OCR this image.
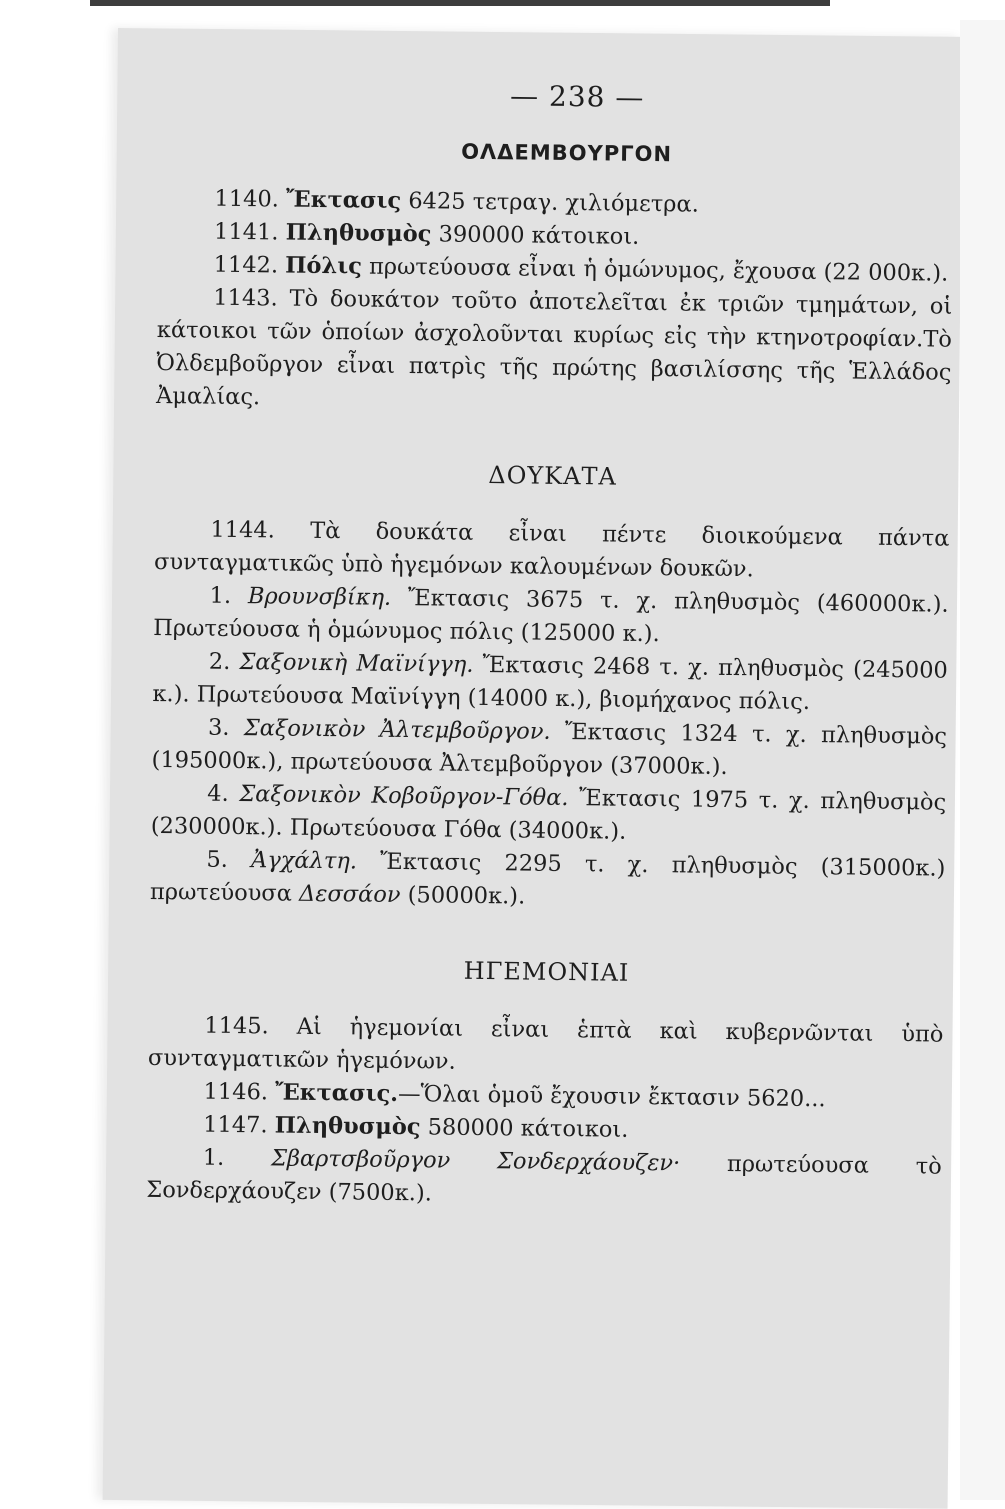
— 238 —
ΟΛΔΕΜΒΟΥΡΓΟΝ

1140. Ἔκτασις 6425 τετραγ. χιλιόμετρα.

1141. Πληθυσμὸς 390000 κάτοικοι.

1142. Πόλις πρωτεύουσα εἶναι ἡ ὁμώνυμος, ἔχουσα (22 000κ.).

1143. Τὸ δουκάτον τοῦτο ἀποτελεῖται ἐκ τριῶν τμημάτων, οἱ κάτοικοι τῶν ὁποίων ἀσχολοῦνται κυρίως εἰς τὴν κτηνοτροφίαν.Τὸ Ὀλδεμβοῦργον εἶναι πατρὶς τῆς πρώτης βασιλίσσης τῆς Ἑλλάδος Ἀμαλίας.

ΔΟΥΚΑΤΑ

1144. Τὰ δουκάτα εἶναι πέντε διοικούμενα πάντα συνταγματικῶς ὑπὸ ἡγεμόνων καλουμένων δουκῶν.

1. Βρουνσβίκη. Ἔκτασις 3675 τ. χ. πληθυσμὸς (460000κ.). Πρωτεύουσα ἡ ὁμώνυμος πόλις (125000 κ.).

2. Σαξονικὴ Μαϊνίγγη. Ἔκτασις 2468 τ. χ. πληθυσμὸς (245000 κ.). Πρωτεύουσα Μαϊνίγγη (14000 κ.), βιομήχανος πόλις.

3. Σαξονικὸν Ἀλτεμβοῦργον. Ἔκτασις 1324 τ. χ. πληθυσμὸς (195000κ.), πρωτεύουσα Ἀλτεμβοῦργον (37000κ.).

4. Σαξονικὸν Κοβοῦργον-Γόθα. Ἔκτασις 1975 τ. χ. πληθυσμὸς (230000κ.). Πρωτεύουσα Γόθα (34000κ.).

5. Ἀγχάλτη. Ἔκτασις 2295 τ. χ. πληθυσμὸς (315000κ.) πρωτεύουσα Δεσσάον (50000κ.).

ΗΓΕΜΟΝΙΑΙ

1145. Αἱ ἡγεμονίαι εἶναι ἑπτὰ καὶ κυβερνῶνται ὑπὸ συνταγματικῶν ἡγεμόνων.

1146. Ἔκτασις.—Ὅλαι ὁμοῦ ἔχουσιν ἔκτασιν 5620...

1147. Πληθυσμὸς 580000 κάτοικοι.

1. Σβαρτσβοῦργον Σονδερχάουζεν· πρωτεύουσα τὸ Σονδερχάουζεν (7500κ.).
